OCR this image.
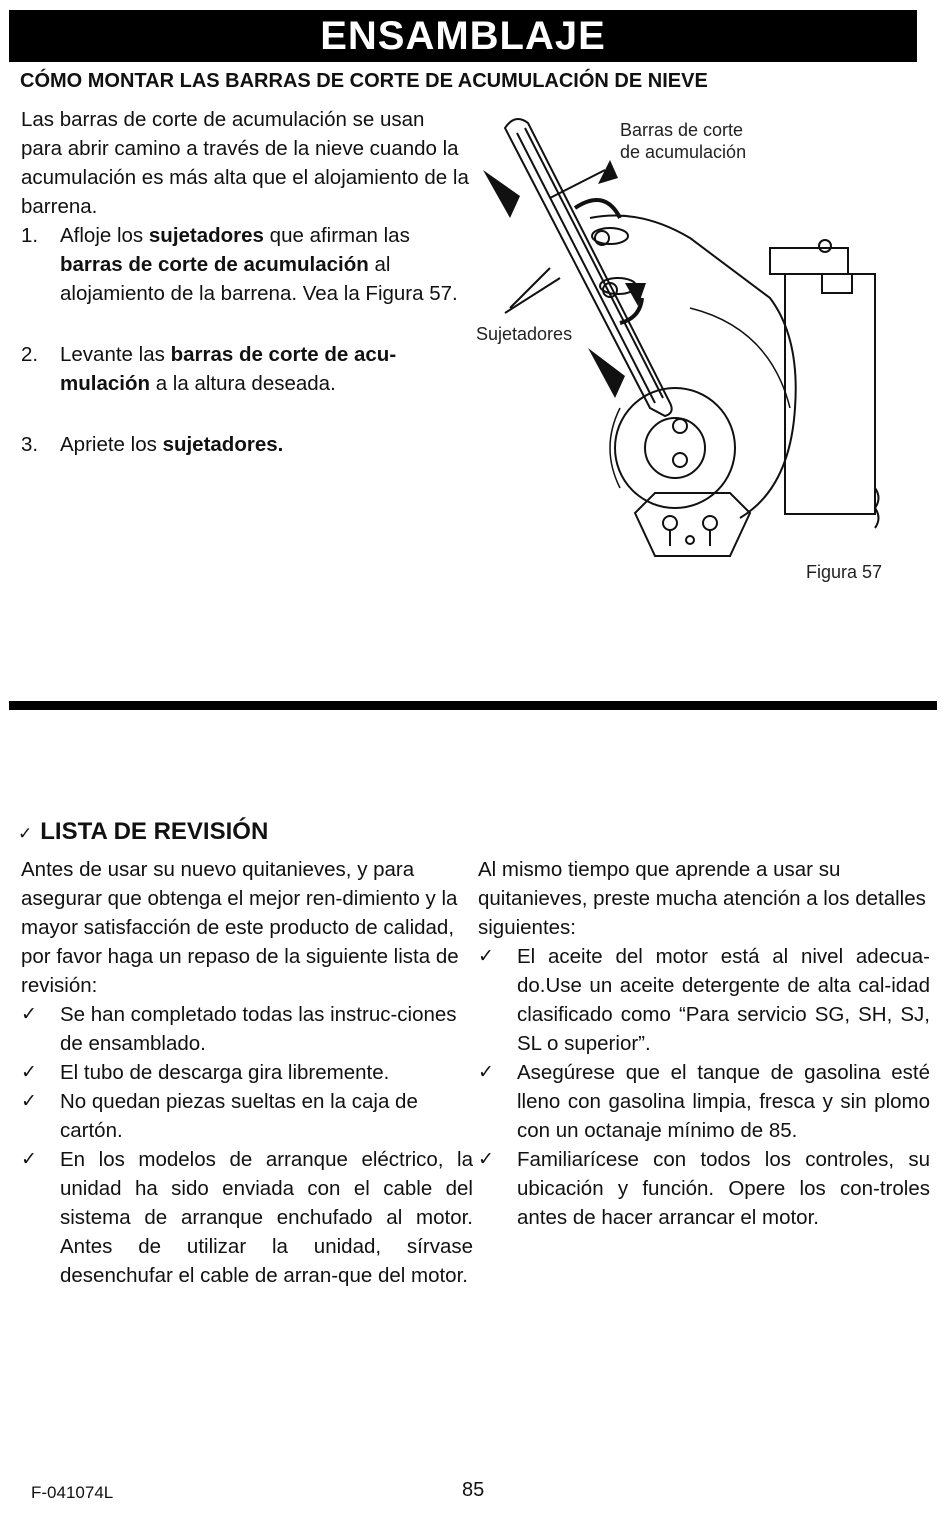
ENSAMBLAJE
CÓMO MONTAR LAS BARRAS DE CORTE DE ACUMULACIÓN DE NIEVE
Las barras de corte de acumulación se usan para abrir camino a través de la nieve cuando la acumulación es más alta que el alojamiento de la barrena.
1. Afloje los sujetadores que afirman las barras de corte de acumulación al alojamiento de la barrena. Vea la Figura 57.
2. Levante las barras de corte de acu-mulación a la altura deseada.
3. Apriete los sujetadores.
Barras de corte
de acumulación
Sujetadores
Figura 57
✓ LISTA DE REVISIÓN
Antes de usar su nuevo quitanieves, y para asegurar que obtenga el mejor ren-dimiento y la mayor satisfacción de este producto de calidad, por favor haga un repaso de la siguiente lista de revisión:
✓ Se han completado todas las instruc-ciones de ensamblado.
✓ El tubo de descarga gira libremente.
✓ No quedan piezas sueltas en la caja de cartón.
✓ En los modelos de arranque eléctrico, la unidad ha sido enviada con el cable del sistema de arranque enchufado al motor. Antes de utilizar la unidad, sírvase desenchufar el cable de arran-que del motor.
Al mismo tiempo que aprende a usar su quitanieves, preste mucha atención a los detalles siguientes:
✓ El aceite del motor está al nivel adecua-do.Use un aceite detergente de alta cal-idad clasificado como “Para servicio SG, SH, SJ, SL o superior”.
✓ Asegúrese que el tanque de gasolina esté lleno con gasolina limpia, fresca y sin plomo con un octanaje mínimo de 85.
✓ Familiarícese con todos los controles, su ubicación y función. Opere los con-troles antes de hacer arrancar el motor.
F-041074L	85
